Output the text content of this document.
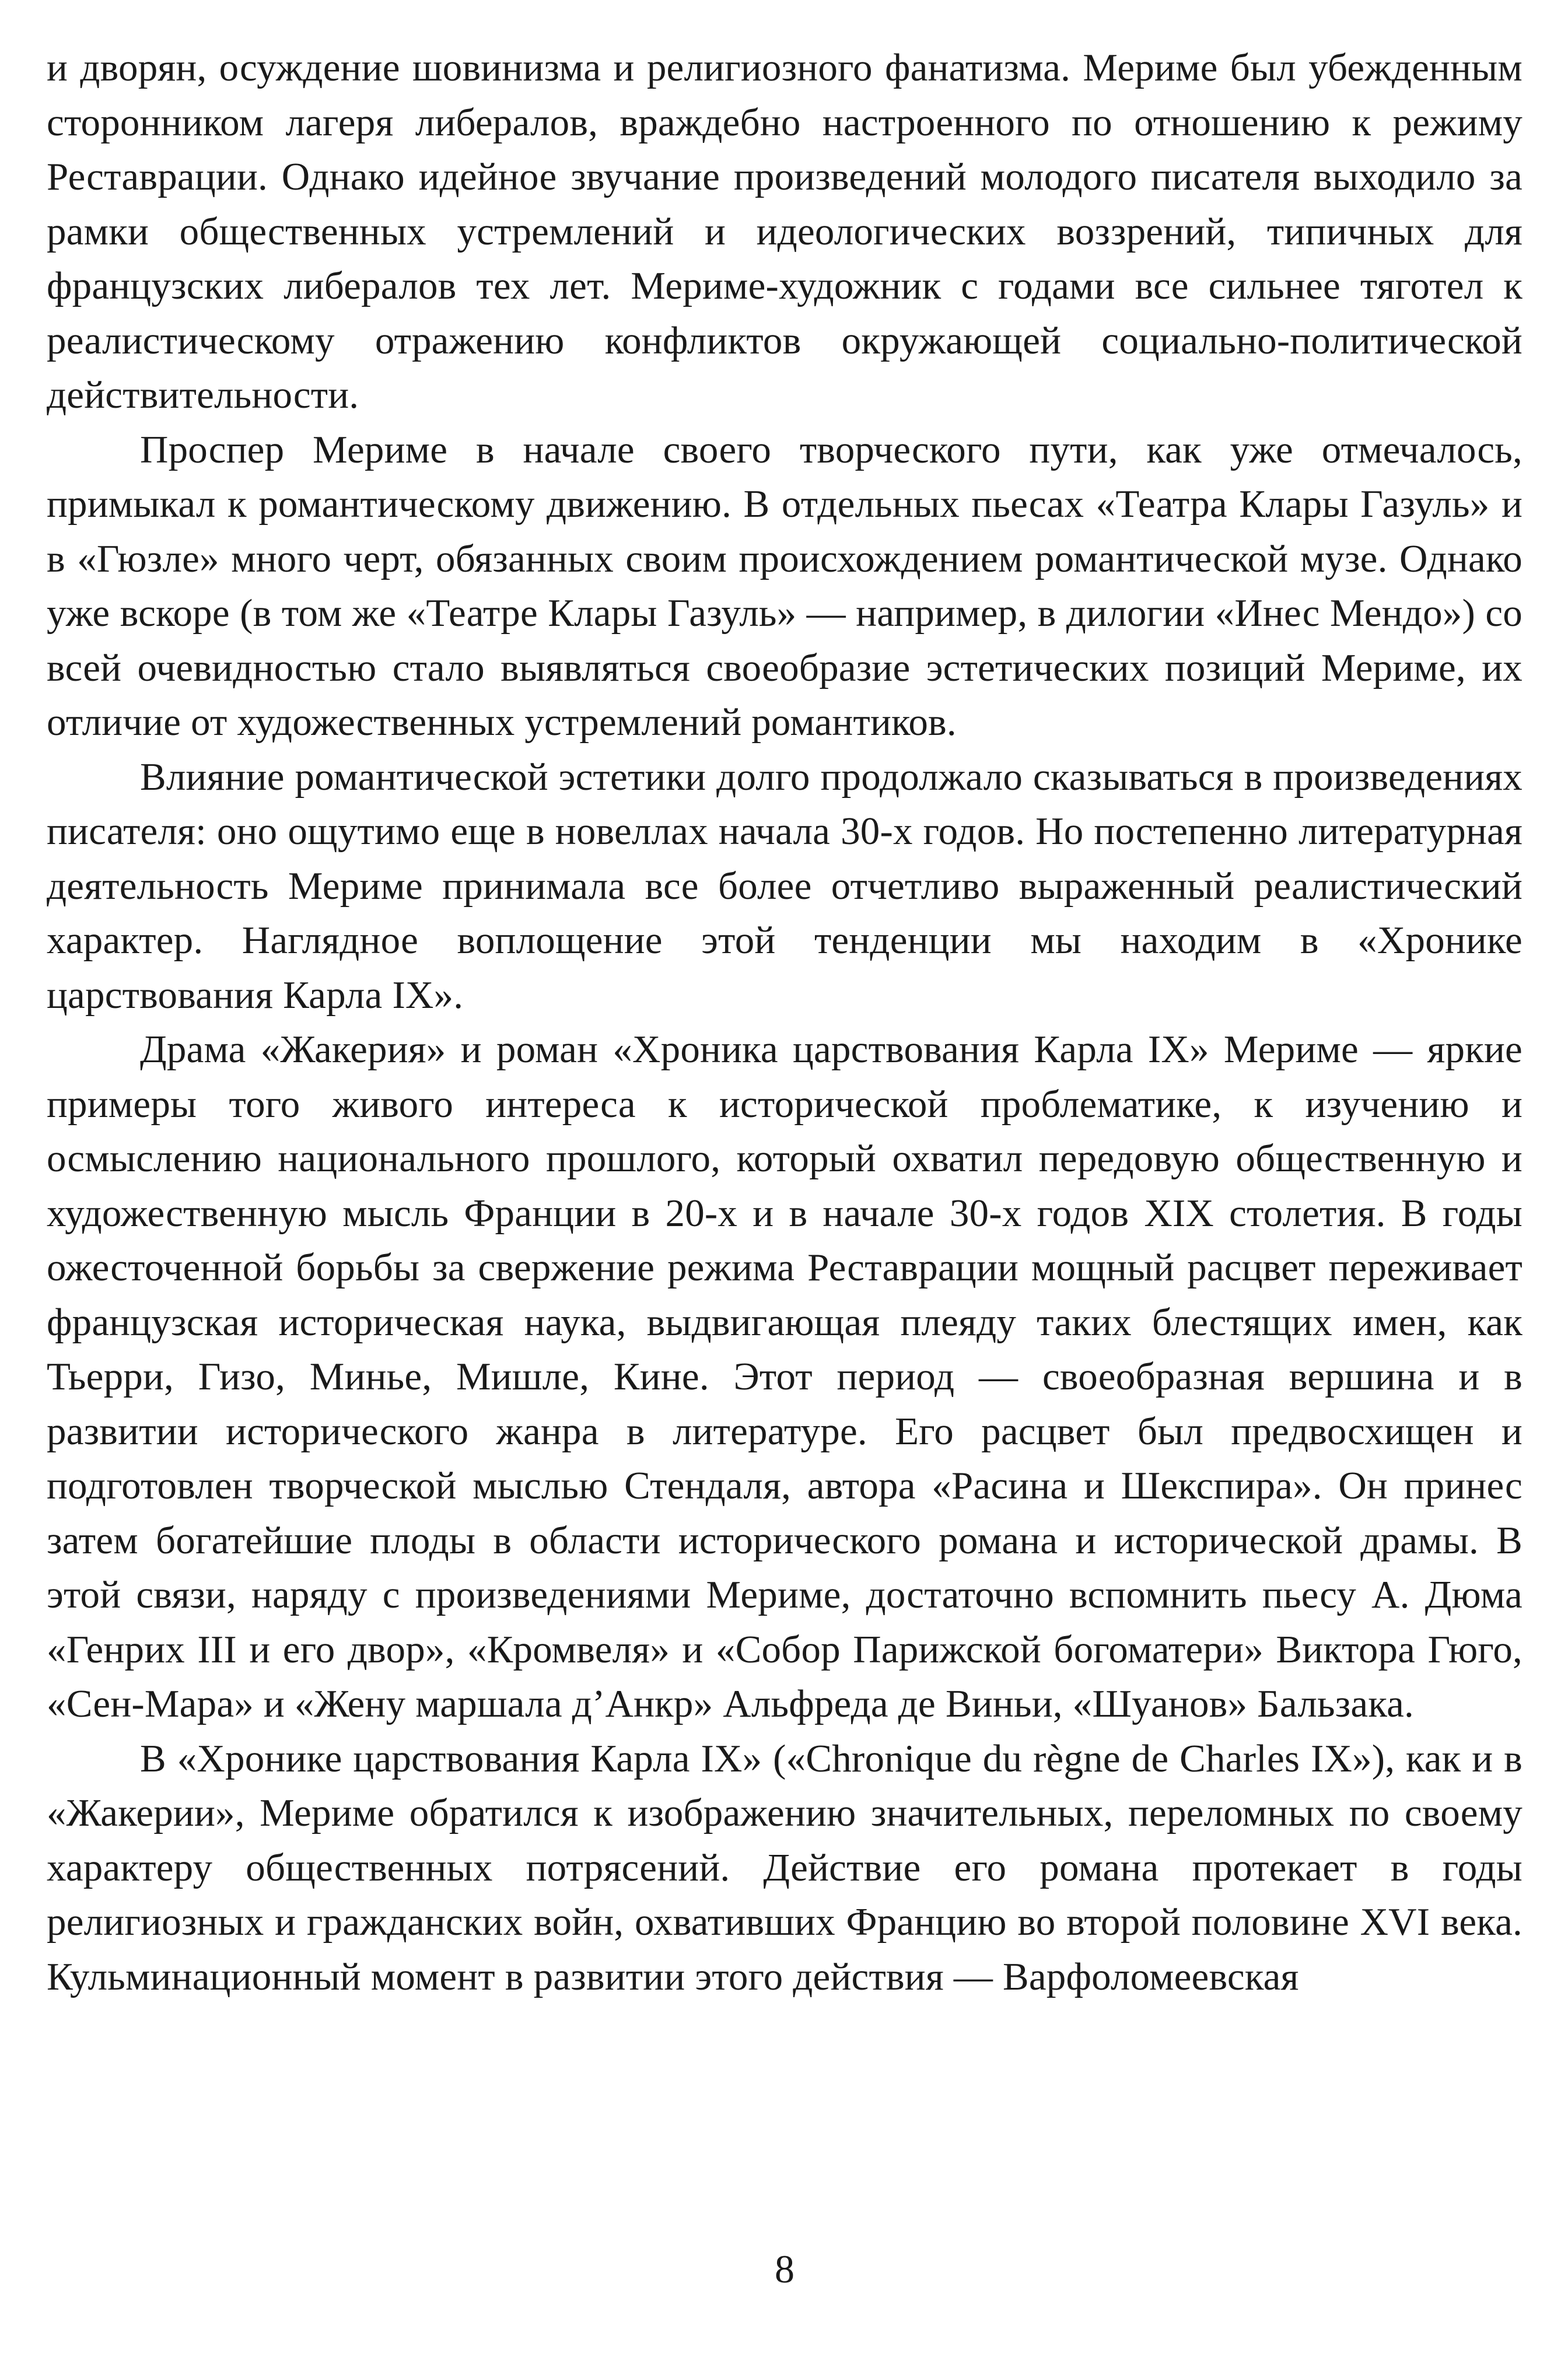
и дворян, осуждение шовинизма и религиозного фанатизма. Мериме был убежденным сторонником лагеря либералов, враждебно настроенного по отношению к режиму Реставрации. Однако идейное звучание произведений молодого писателя выходило за рамки общественных устремлений и идеологических воззрений, типичных для французских либералов тех лет. Мериме-художник с годами все сильнее тяготел к реалистическому отражению конфликтов окружающей социально-политической действительности.

Проспер Мериме в начале своего творческого пути, как уже отмечалось, примыкал к романтическому движению. В отдельных пьесах «Театра Клары Газуль» и в «Гюзле» много черт, обязанных своим происхождением романтической музе. Однако уже вскоре (в том же «Театре Клары Газуль» — например, в дилогии «Инес Мендо») со всей очевидностью стало выявляться своеобразие эстетических позиций Мериме, их отличие от художественных устремлений романтиков.

Влияние романтической эстетики долго продолжало сказываться в произведениях писателя: оно ощутимо еще в новеллах начала 30-х годов. Но постепенно литературная деятельность Мериме принимала все более отчетливо выраженный реалистический характер. Наглядное воплощение этой тенденции мы находим в «Хронике царствования Карла IX».

Драма «Жакерия» и роман «Хроника царствования Карла IX» Мериме — яркие примеры того живого интереса к исторической проблематике, к изучению и осмыслению национального прошлого, который охватил передовую общественную и художественную мысль Франции в 20-х и в начале 30-х годов XIX столетия. В годы ожесточенной борьбы за свержение режима Реставрации мощный расцвет переживает французская историческая наука, выдвигающая плеяду таких блестящих имен, как Тьерри, Гизо, Минье, Мишле, Кине. Этот период — своеобразная вершина и в развитии исторического жанра в литературе. Его расцвет был предвосхищен и подготовлен творческой мыслью Стендаля, автора «Расина и Шекспира». Он принес затем богатейшие плоды в области исторического романа и исторической драмы. В этой связи, наряду с произведениями Мериме, достаточно вспомнить пьесу А. Дюма «Генрих III и его двор», «Кромвеля» и «Собор Парижской богоматери» Виктора Гюго, «Сен-Мара» и «Жену маршала д’Анкр» Альфреда де Виньи, «Шуанов» Бальзака.

В «Хронике царствования Карла IX» («Chronique du règne de Charles IX»), как и в «Жакерии», Мериме обратился к изображению значительных, переломных по своему характеру общественных потрясений. Действие его романа протекает в годы религиозных и гражданских войн, охвативших Францию во второй половине XVI века. Кульминационный момент в развитии этого действия — Варфоломеевская

8
